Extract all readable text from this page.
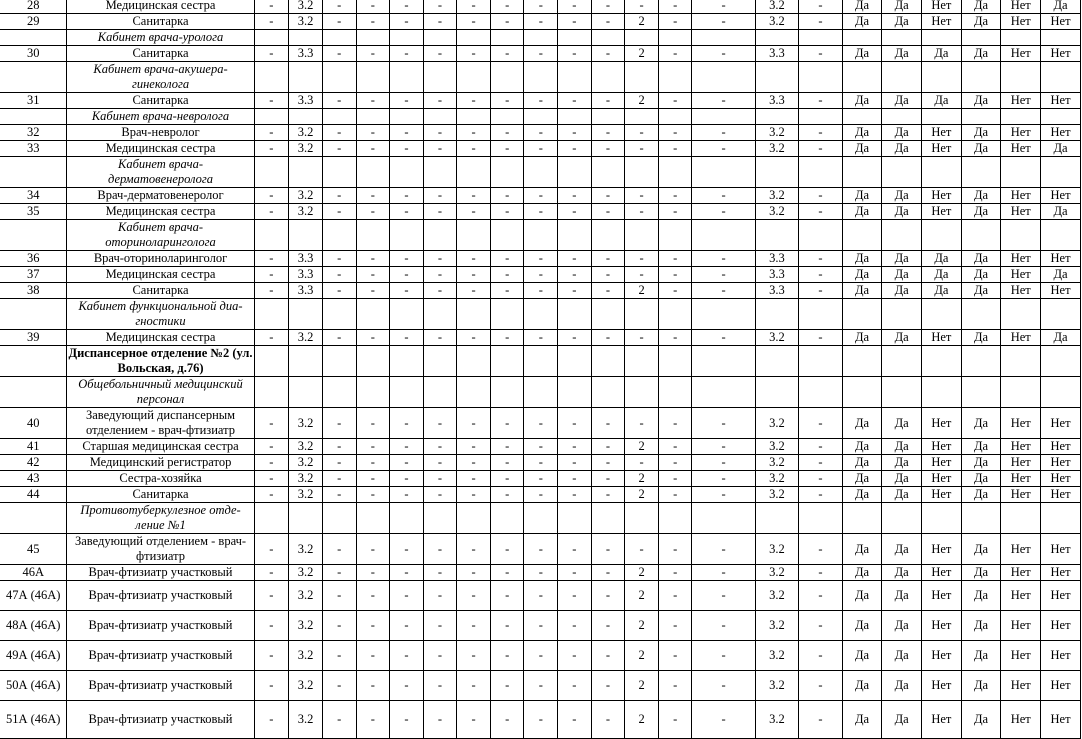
28	Медицинская сестра	-	3.2	-	-	-	-	-	-	-	-	-	-	-	-	3.2	-	Да	Да	Нет	Да	Нет	Да
29	Санитарка	-	3.2	-	-	-	-	-	-	-	-	-	2	-	-	3.2	-	Да	Да	Нет	Да	Нет	Нет
	Кабинет врача-уролога																						
30	Санитарка	-	3.3	-	-	-	-	-	-	-	-	-	2	-	-	3.3	-	Да	Да	Да	Да	Нет	Нет
	Кабинет врача-акушера-гинеколога																						
31	Санитарка	-	3.3	-	-	-	-	-	-	-	-	-	2	-	-	3.3	-	Да	Да	Да	Да	Нет	Нет
	Кабинет врача-невролога																						
32	Врач-невролог	-	3.2	-	-	-	-	-	-	-	-	-	-	-	-	3.2	-	Да	Да	Нет	Да	Нет	Нет
33	Медицинская сестра	-	3.2	-	-	-	-	-	-	-	-	-	-	-	-	3.2	-	Да	Да	Нет	Да	Нет	Да
	Кабинет врача-дерматовенеролога																						
34	Врач-дерматовенеролог	-	3.2	-	-	-	-	-	-	-	-	-	-	-	-	3.2	-	Да	Да	Нет	Да	Нет	Нет
35	Медицинская сестра	-	3.2	-	-	-	-	-	-	-	-	-	-	-	-	3.2	-	Да	Да	Нет	Да	Нет	Да
	Кабинет врача-оториноларинголога																						
36	Врач-оториноларинголог	-	3.3	-	-	-	-	-	-	-	-	-	-	-	-	3.3	-	Да	Да	Да	Да	Нет	Нет
37	Медицинская сестра	-	3.3	-	-	-	-	-	-	-	-	-	-	-	-	3.3	-	Да	Да	Да	Да	Нет	Да
38	Санитарка	-	3.3	-	-	-	-	-	-	-	-	-	2	-	-	3.3	-	Да	Да	Да	Да	Нет	Нет
	Кабинет функциональной диа-гностики																						
39	Медицинская сестра	-	3.2	-	-	-	-	-	-	-	-	-	-	-	-	3.2	-	Да	Да	Нет	Да	Нет	Да
	Диспансерное отделение №2 (ул. Вольская, д.76)																						
	Общебольничный медицинский персонал																						
40	Заведующий диспансерным отделением - врач-фтизиатр	-	3.2	-	-	-	-	-	-	-	-	-	-	-	-	3.2	-	Да	Да	Нет	Да	Нет	Нет
41	Старшая медицинская сестра	-	3.2	-	-	-	-	-	-	-	-	-	2	-	-	3.2	-	Да	Да	Нет	Да	Нет	Нет
42	Медицинский регистратор	-	3.2	-	-	-	-	-	-	-	-	-	-	-	-	3.2	-	Да	Да	Нет	Да	Нет	Нет
43	Сестра-хозяйка	-	3.2	-	-	-	-	-	-	-	-	-	2	-	-	3.2	-	Да	Да	Нет	Да	Нет	Нет
44	Санитарка	-	3.2	-	-	-	-	-	-	-	-	-	2	-	-	3.2	-	Да	Да	Нет	Да	Нет	Нет
	Противотуберкулезное отде-ление №1																						
45	Заведующий отделением - врач-фтизиатр	-	3.2	-	-	-	-	-	-	-	-	-	-	-	-	3.2	-	Да	Да	Нет	Да	Нет	Нет
46А	Врач-фтизиатр участковый	-	3.2	-	-	-	-	-	-	-	-	-	2	-	-	3.2	-	Да	Да	Нет	Да	Нет	Нет
47А (46А)	Врач-фтизиатр участковый	-	3.2	-	-	-	-	-	-	-	-	-	2	-	-	3.2	-	Да	Да	Нет	Да	Нет	Нет
48А (46А)	Врач-фтизиатр участковый	-	3.2	-	-	-	-	-	-	-	-	-	2	-	-	3.2	-	Да	Да	Нет	Да	Нет	Нет
49А (46А)	Врач-фтизиатр участковый	-	3.2	-	-	-	-	-	-	-	-	-	2	-	-	3.2	-	Да	Да	Нет	Да	Нет	Нет
50А (46А)	Врач-фтизиатр участковый	-	3.2	-	-	-	-	-	-	-	-	-	2	-	-	3.2	-	Да	Да	Нет	Да	Нет	Нет
51А (46А)	Врач-фтизиатр участковый	-	3.2	-	-	-	-	-	-	-	-	-	2	-	-	3.2	-	Да	Да	Нет	Да	Нет	Нет
